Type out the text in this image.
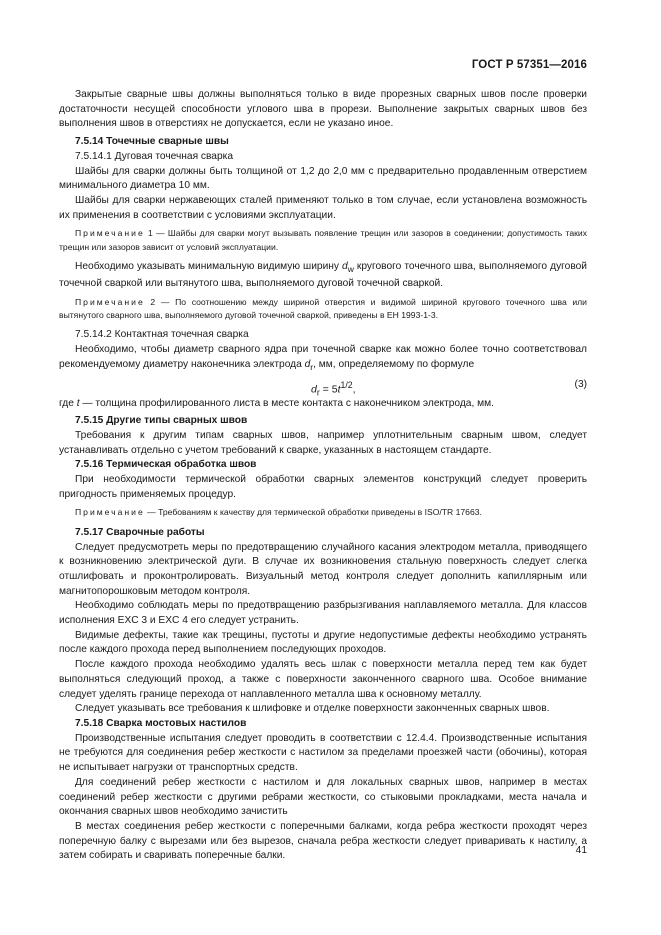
ГОСТ Р 57351—2016

Закрытые сварные швы должны выполняться только в виде прорезных сварных швов после проверки достаточности несущей способности углового шва в прорези. Выполнение закрытых сварных швов без выполнения швов в отверстиях не допускается, если не указано иное.

7.5.14 Точечные сварные швы

7.5.14.1 Дуговая точечная сварка

Шайбы для сварки должны быть толщиной от 1,2 до 2,0 мм с предварительно продавленным отверстием минимального диаметра 10 мм.

Шайбы для сварки нержавеющих сталей применяют только в том случае, если установлена возможность их применения в соответствии с условиями эксплуатации.

Примечание 1 — Шайбы для сварки могут вызывать появление трещин или зазоров в соединении; допустимость таких трещин или зазоров зависит от условий эксплуатации.

Необходимо указывать минимальную видимую ширину $d_w$ кругового точечного шва, выполняемого дуговой точечной сваркой или вытянутого шва, выполняемого дуговой точечной сваркой.

Примечание 2 — По соотношению между шириной отверстия и видимой шириной кругового точечного шва или вытянутого сварного шва, выполняемого дуговой точечной сваркой, приведены в ЕН 1993-1-3.

7.5.14.2 Контактная точечная сварка

Необходимо, чтобы диаметр сварного ядра при точечной сварке как можно более точно соответствовал рекомендуемому диаметру наконечника электрода $d_r$, мм, определяемому по формуле

$d_r = 5t^{1/2}$,	(3)

где t — толщина профилированного листа в месте контакта с наконечником электрода, мм.

7.5.15 Другие типы сварных швов

Требования к другим типам сварных швов, например уплотнительным сварным швом, следует устанавливать отдельно с учетом требований к сварке, указанных в настоящем стандарте.

7.5.16 Термическая обработка швов

При необходимости термической обработки сварных элементов конструкций следует проверить пригодность применяемых процедур.

Примечание — Требованиям к качеству для термической обработки приведены в ISO/TR 17663.

7.5.17 Сварочные работы

Следует предусмотреть меры по предотвращению случайного касания электродом металла, приводящего к возникновению электрической дуги. В случае их возникновения стальную поверхность следует слегка отшлифовать и проконтролировать. Визуальный метод контроля следует дополнить капиллярным или магнитопорошковым методом контроля.

Необходимо соблюдать меры по предотвращению разбрызгивания наплавляемого металла. Для классов исполнения EXC 3 и EXC 4 его следует устранить.

Видимые дефекты, такие как трещины, пустоты и другие недопустимые дефекты необходимо устранять после каждого прохода перед выполнением последующих проходов.

После каждого прохода необходимо удалять весь шлак с поверхности металла перед тем как будет выполняться следующий проход, а также с поверхности законченного сварного шва. Особое внимание следует уделять границе перехода от наплавленного металла шва к основному металлу.

Следует указывать все требования к шлифовке и отделке поверхности законченных сварных швов.

7.5.18 Сварка мостовых настилов

Производственные испытания следует проводить в соответствии с 12.4.4. Производственные испытания не требуются для соединения ребер жесткости с настилом за пределами проезжей части (обочины), которая не испытывает нагрузки от транспортных средств.

Для соединений ребер жесткости с настилом и для локальных сварных швов, например в местах соединений ребер жесткости с другими ребрами жесткости, со стыковыми прокладками, места начала и окончания сварных швов необходимо зачистить

В местах соединения ребер жесткости с поперечными балками, когда ребра жесткости проходят через поперечную балку с вырезами или без вырезов, сначала ребра жесткости следует приваривать к настилу, а затем собирать и сваривать поперечные балки.	41
